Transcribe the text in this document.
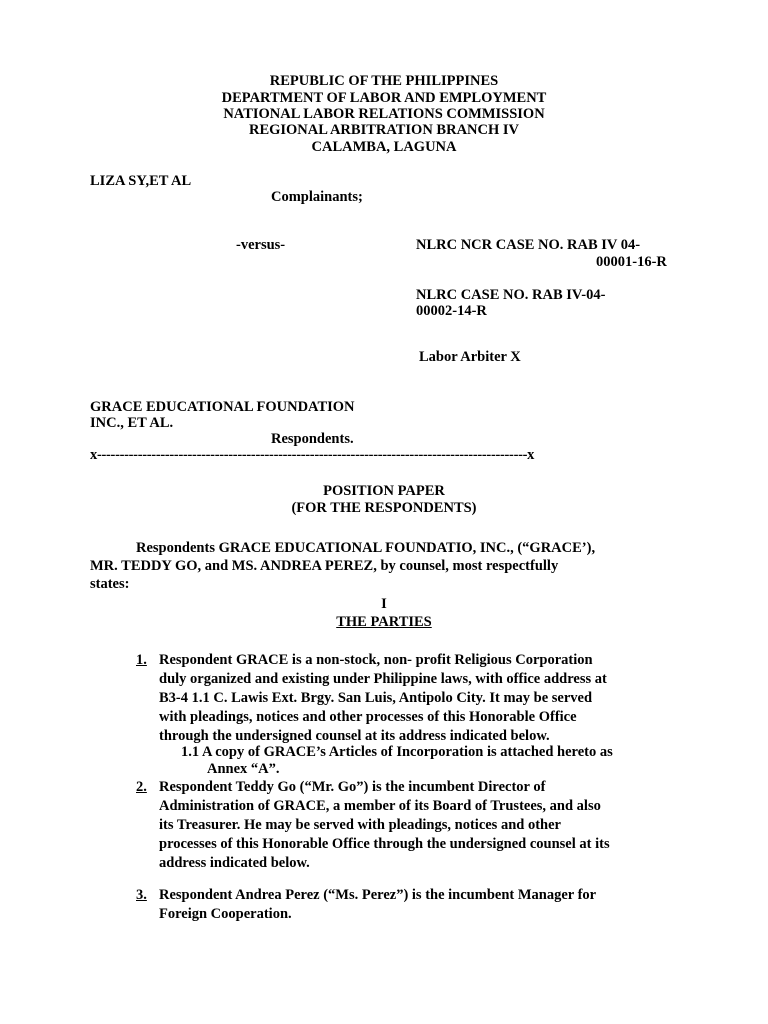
REPUBLIC OF THE PHILIPPINES
DEPARTMENT OF LABOR AND EMPLOYMENT
NATIONAL LABOR RELATIONS COMMISSION
REGIONAL ARBITRATION BRANCH IV
CALAMBA, LAGUNA
LIZA SY,ET AL
Complainants;
-versus-	NLRC NCR CASE NO. RAB IV 04-
00001-16-R
NLRC CASE NO. RAB IV-04-
00002-14-R
Labor Arbiter X
GRACE EDUCATIONAL FOUNDATION
INC., ET AL.
Respondents.
x-----------------------------------------------------------------------------------------------x
POSITION PAPER
(FOR THE RESPONDENTS)
Respondents GRACE EDUCATIONAL FOUNDATIO, INC., (“GRACE’),
MR. TEDDY GO, and MS. ANDREA PEREZ, by counsel, most respectfully
states:
I
THE PARTIES
1. Respondent GRACE is a non-stock, non- profit Religious Corporation
duly organized and existing under Philippine laws, with office address at
B3-4 1.1 C. Lawis Ext. Brgy. San Luis, Antipolo City. It may be served
with pleadings, notices and other processes of this Honorable Office
through the undersigned counsel at its address indicated below.
1.1 A copy of GRACE’s Articles of Incorporation is attached hereto as
Annex “A”.
2. Respondent Teddy Go (“Mr. Go”) is the incumbent Director of
Administration of GRACE, a member of its Board of Trustees, and also
its Treasurer. He may be served with pleadings, notices and other
processes of this Honorable Office through the undersigned counsel at its
address indicated below.
3. Respondent Andrea Perez (“Ms. Perez”) is the incumbent Manager for
Foreign Cooperation.
